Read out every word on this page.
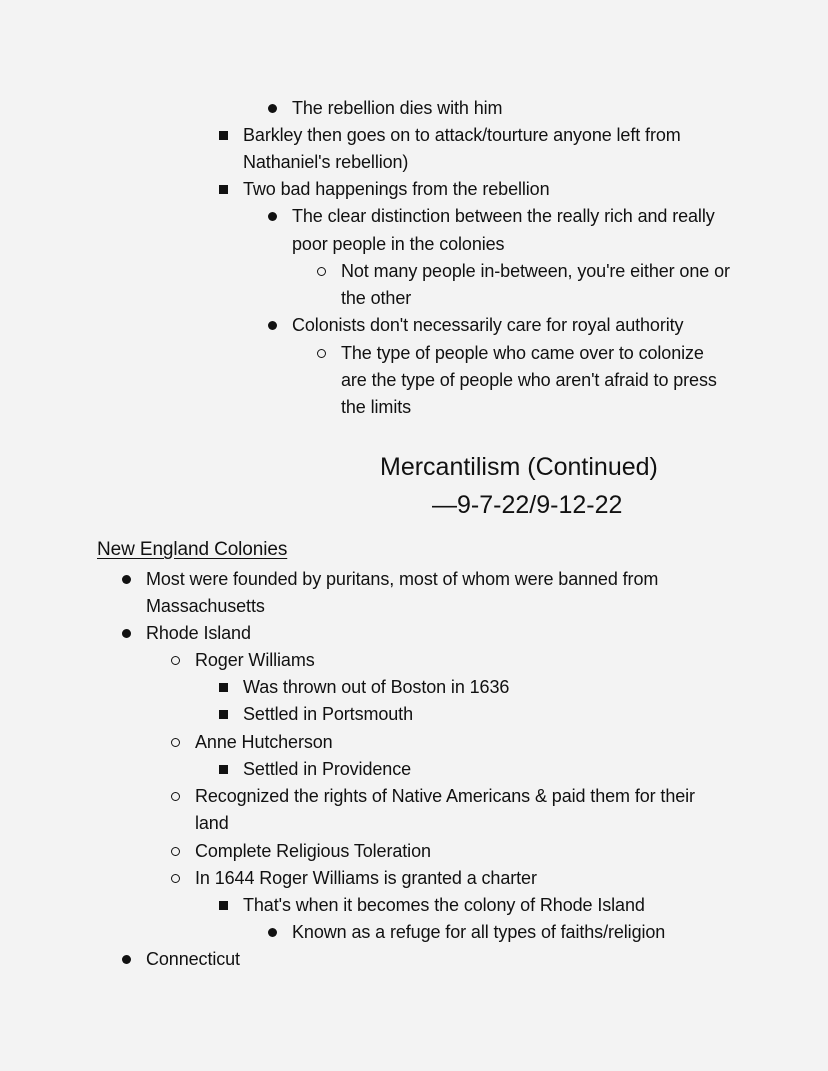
The rebellion dies with him
Barkley then goes on to attack/tourture anyone left from
Nathaniel's rebellion)
Two bad happenings from the rebellion
The clear distinction between the really rich and really
poor people in the colonies
Not many people in-between, you're either one or
the other
Colonists don't necessarily care for royal authority
The type of people who came over to colonize
are the type of people who aren't afraid to press
the limits
Mercantilism (Continued)
—9-7-22/9-12-22
New England Colonies
Most were founded by puritans, most of whom were banned from
Massachusetts
Rhode Island
Roger Williams
Was thrown out of Boston in 1636
Settled in Portsmouth
Anne Hutcherson
Settled in Providence
Recognized the rights of Native Americans & paid them for their
land
Complete Religious Toleration
In 1644 Roger Williams is granted a charter
That's when it becomes the colony of Rhode Island
Known as a refuge for all types of faiths/religion
Connecticut
